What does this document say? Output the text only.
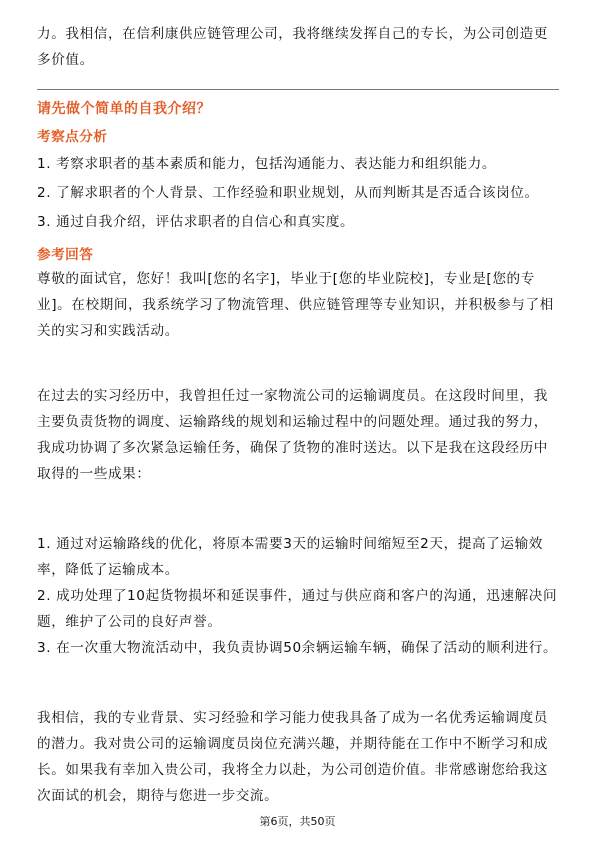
力。我相信，在信利康供应链管理公司，我将继续发挥自己的专长，为公司创造更多价值。

请先做个简单的自我介绍？

考察点分析

1. 考察求职者的基本素质和能力，包括沟通能力、表达能力和组织能力。

2. 了解求职者的个人背景、工作经验和职业规划，从而判断其是否适合该岗位。

3. 通过自我介绍，评估求职者的自信心和真实度。

参考回答

尊敬的面试官，您好！我叫[您的名字]，毕业于[您的毕业院校]，专业是[您的专业]。在校期间，我系统学习了物流管理、供应链管理等专业知识，并积极参与了相关的实习和实践活动。

在过去的实习经历中，我曾担任过一家物流公司的运输调度员。在这段时间里，我主要负责货物的调度、运输路线的规划和运输过程中的问题处理。通过我的努力，我成功协调了多次紧急运输任务，确保了货物的准时送达。以下是我在这段经历中取得的一些成果：

1. 通过对运输路线的优化，将原本需要3天的运输时间缩短至2天，提高了运输效率，降低了运输成本。
2. 成功处理了10起货物损坏和延误事件，通过与供应商和客户的沟通，迅速解决问题，维护了公司的良好声誉。
3. 在一次重大物流活动中，我负责协调50余辆运输车辆，确保了活动的顺利进行。

我相信，我的专业背景、实习经验和学习能力使我具备了成为一名优秀运输调度员的潜力。我对贵公司的运输调度员岗位充满兴趣，并期待能在工作中不断学习和成长。如果我有幸加入贵公司，我将全力以赴，为公司创造价值。非常感谢您给我这次面试的机会，期待与您进一步交流。

第6页，共50页
